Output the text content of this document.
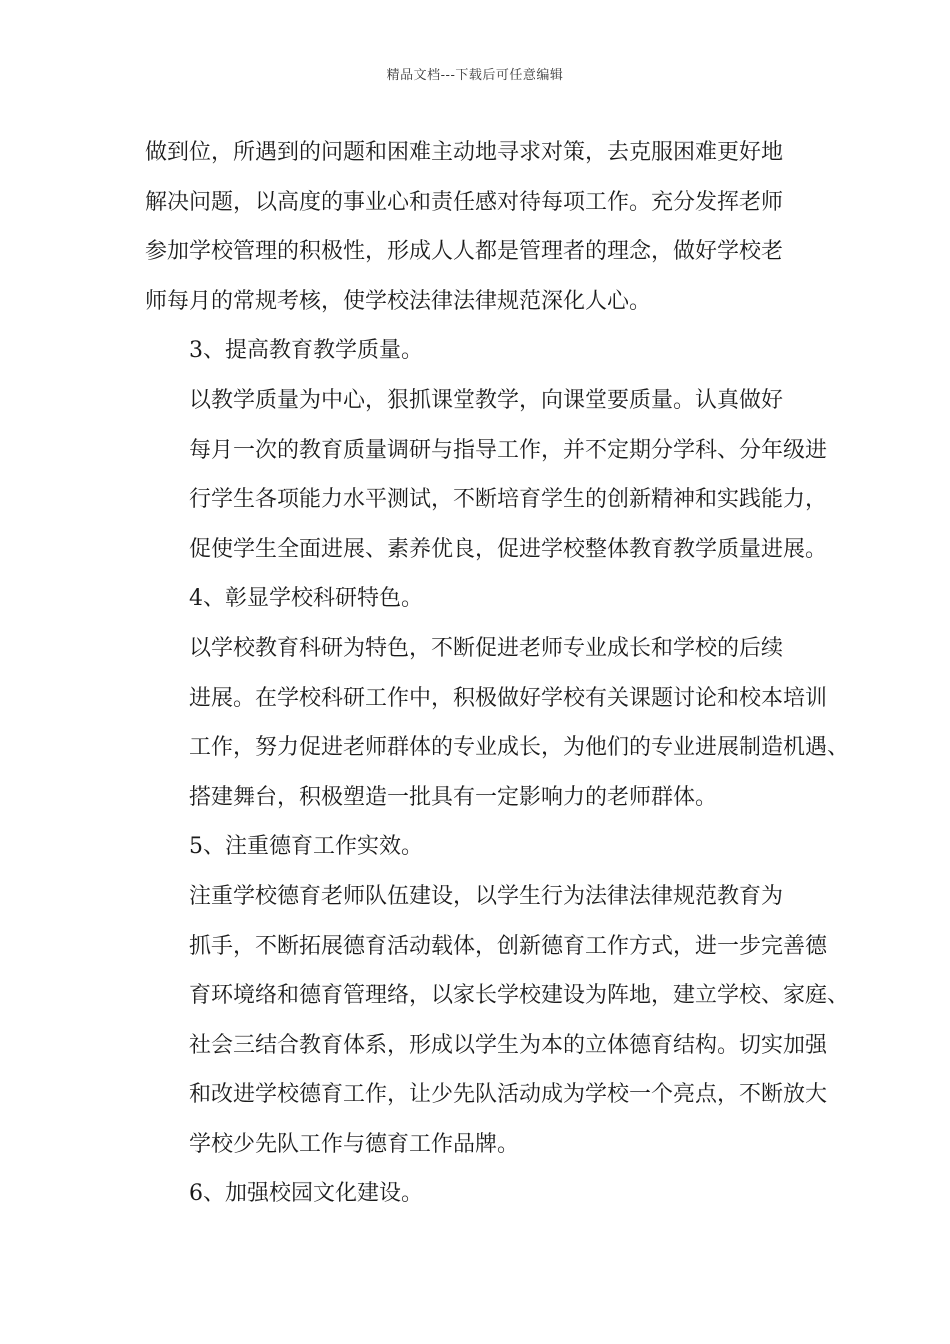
精品文档---下载后可任意编辑

做到位，所遇到的问题和困难主动地寻求对策，去克服困难更好地
解决问题，以高度的事业心和责任感对待每项工作。充分发挥老师
参加学校管理的积极性，形成人人都是管理者的理念，做好学校老
师每月的常规考核，使学校法律法律规范深化人心。

3、提高教育教学质量。

以教学质量为中心，狠抓课堂教学，向课堂要质量。认真做好
每月一次的教育质量调研与指导工作，并不定期分学科、分年级进
行学生各项能力水平测试，不断培育学生的创新精神和实践能力，
促使学生全面进展、素养优良，促进学校整体教育教学质量进展。

4、彰显学校科研特色。

以学校教育科研为特色，不断促进老师专业成长和学校的后续
进展。在学校科研工作中，积极做好学校有关课题讨论和校本培训
工作，努力促进老师群体的专业成长，为他们的专业进展制造机遇、
搭建舞台，积极塑造一批具有一定影响力的老师群体。

5、注重德育工作实效。

注重学校德育老师队伍建设，以学生行为法律法律规范教育为
抓手，不断拓展德育活动载体，创新德育工作方式，进一步完善德
育环境络和德育管理络，以家长学校建设为阵地，建立学校、家庭、
社会三结合教育体系，形成以学生为本的立体德育结构。切实加强
和改进学校德育工作，让少先队活动成为学校一个亮点，不断放大
学校少先队工作与德育工作品牌。

6、加强校园文化建设。
